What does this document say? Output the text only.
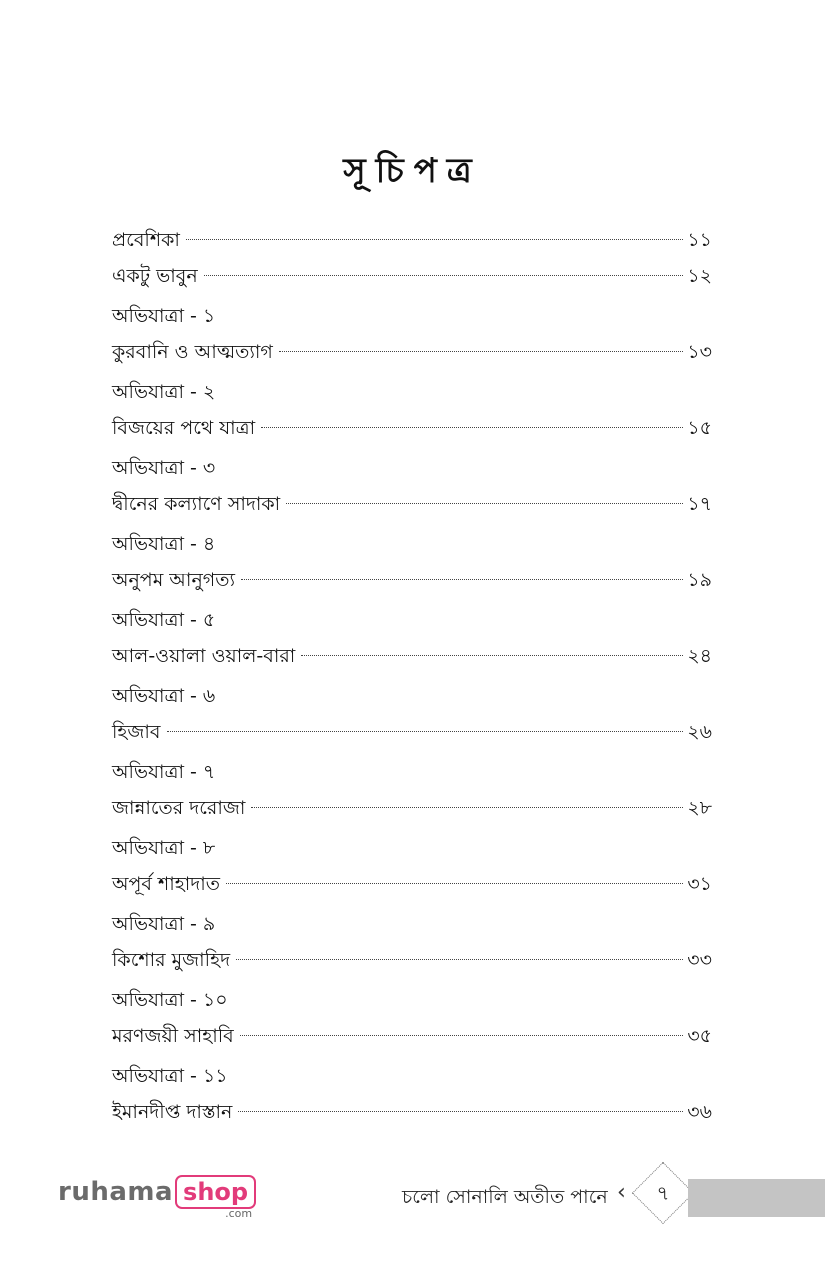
সূচিপত্র
প্রবেশিকা	১১
একটু ভাবুন	১২
অভিযাত্রা - ১
কুরবানি ও আত্মত্যাগ	১৩
অভিযাত্রা - ২
বিজয়ের পথে যাত্রা	১৫
অভিযাত্রা - ৩
দ্বীনের কল্যাণে সাদাকা	১৭
অভিযাত্রা - ৪
অনুপম আনুগত্য	১৯
অভিযাত্রা - ৫
আল-ওয়ালা ওয়াল-বারা	২৪
অভিযাত্রা - ৬
হিজাব	২৬
অভিযাত্রা - ৭
জান্নাতের দরোজা	২৮
অভিযাত্রা - ৮
অপূর্ব শাহাদাত	৩১
অভিযাত্রা - ৯
কিশোর মুজাহিদ	৩৩
অভিযাত্রা - ১০
মরণজয়ী সাহাবি	৩৫
অভিযাত্রা - ১১
ইমানদীপ্ত দাস্তান	৩৬
ruhama shop
.com
চলো সোনালি অতীত পানে ‹	৭
